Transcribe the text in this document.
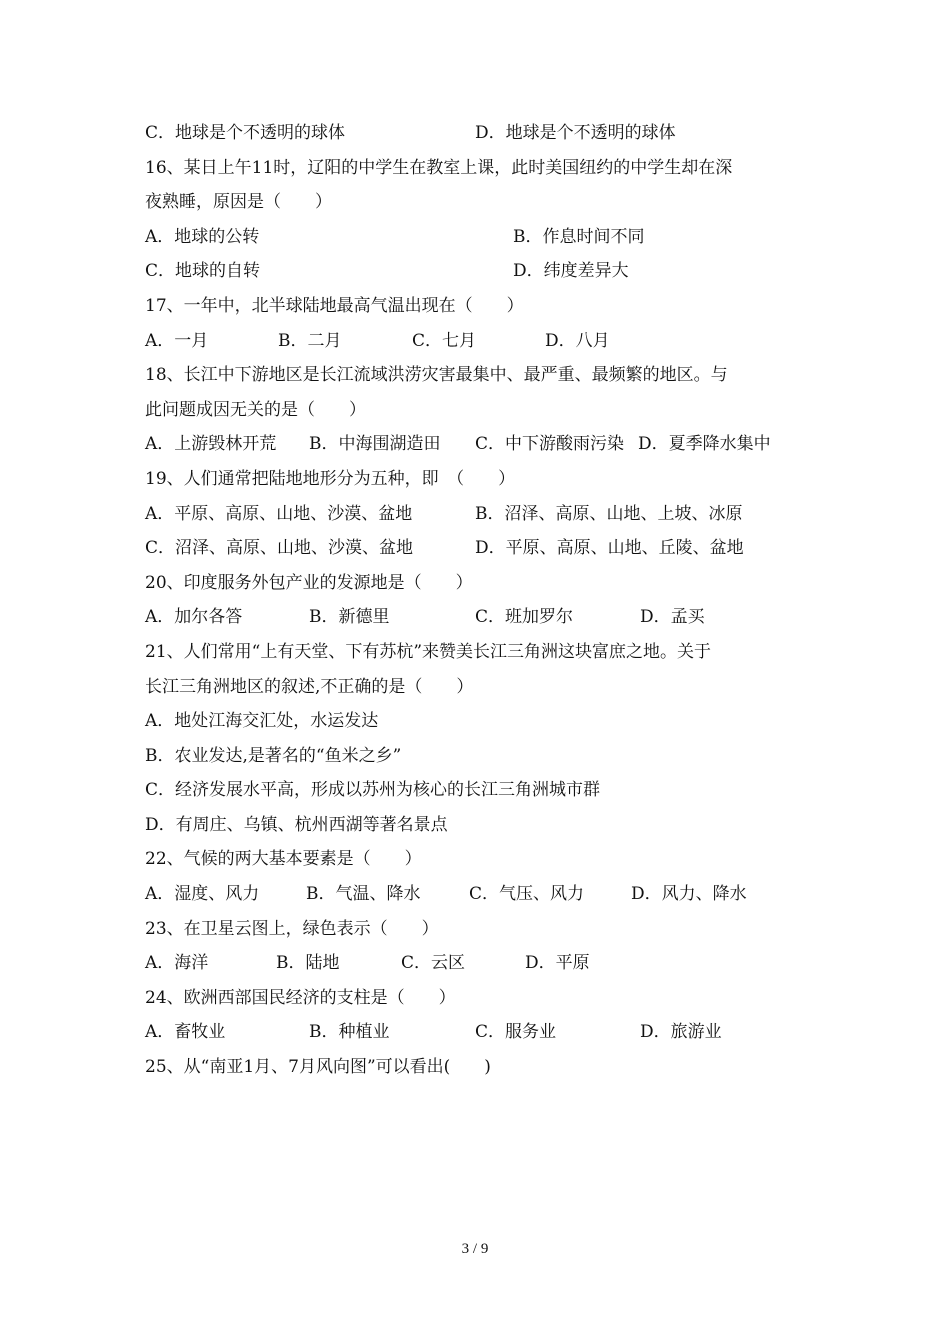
C．地球是个不透明的球体	D．地球是个不透明的球体
16、某日上午11时，辽阳的中学生在教室上课，此时美国纽约的中学生却在深
夜熟睡，原因是（　　）
A．地球的公转	B．作息时间不同
C．地球的自转	D．纬度差异大
17、一年中，北半球陆地最高气温出现在（　　）
A．一月	B．二月	C．七月	D．八月
18、长江中下游地区是长江流域洪涝灾害最集中、最严重、最频繁的地区。与
此问题成因无关的是（　　）
A．上游毁林开荒 B．中海围湖造田 C．中下游酸雨污染 D．夏季降水集中
19、人们通常把陆地地形分为五种，即　（　　）
A．平原、高原、山地、沙漠、盆地	B．沼泽、高原、山地、上坡、冰原
C．沼泽、高原、山地、沙漠、盆地	D．平原、高原、山地、丘陵、盆地
20、印度服务外包产业的发源地是（　　）
A．加尔各答	B．新德里	C．班加罗尔	D．孟买
21、人们常用“上有天堂、下有苏杭”来赞美长江三角洲这块富庶之地。关于
长江三角洲地区的叙述,不正确的是（　　）
A．地处江海交汇处，水运发达
B．农业发达,是著名的“鱼米之乡”
C．经济发展水平高，形成以苏州为核心的长江三角洲城市群
D．有周庄、乌镇、杭州西湖等著名景点
22、气候的两大基本要素是（　　）
A．湿度、风力	B．气温、降水	C．气压、风力	D．风力、降水
23、在卫星云图上，绿色表示（　　）
A．海洋	B．陆地	C．云区	D．平原
24、欧洲西部国民经济的支柱是（　　）
A．畜牧业	B．种植业	C．服务业	D．旅游业
25、从“南亚1月、7月风向图”可以看出(　　)
3 / 9
